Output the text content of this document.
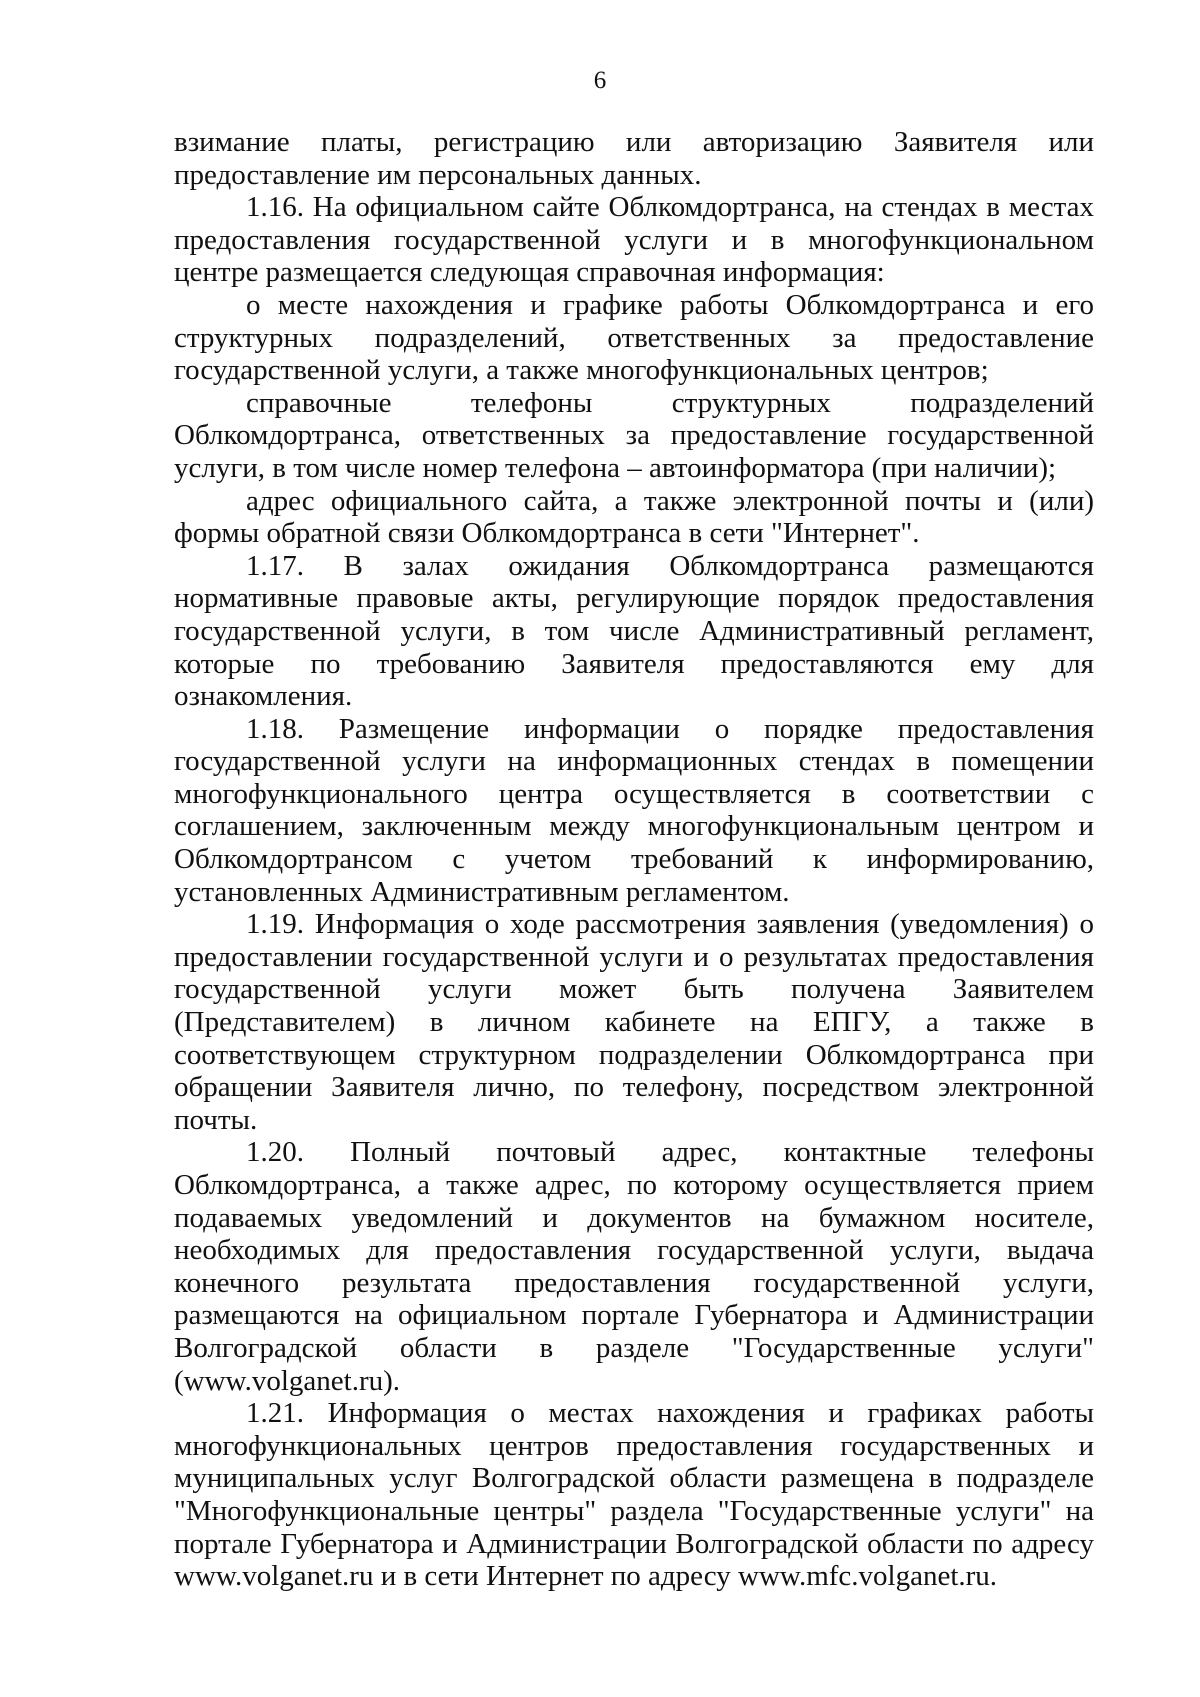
6

взимание платы, регистрацию или авторизацию Заявителя или предоставление им персональных данных.

1.16. На официальном сайте Облкомдортранса, на стендах в местах предоставления государственной услуги и в многофункциональном центре размещается следующая справочная информация:

о месте нахождения и графике работы Облкомдортранса и его структурных подразделений, ответственных за предоставление государственной услуги, а также многофункциональных центров;

справочные телефоны структурных подразделений Облкомдортранса, ответственных за предоставление государственной услуги, в том числе номер телефона – автоинформатора (при наличии);

адрес официального сайта, а также электронной почты и (или) формы обратной связи Облкомдортранса в сети "Интернет".

1.17. В залах ожидания Облкомдортранса размещаются нормативные правовые акты, регулирующие порядок предоставления государственной услуги, в том числе Административный регламент, которые по требованию Заявителя предоставляются ему для ознакомления.

1.18. Размещение информации о порядке предоставления государственной услуги на информационных стендах в помещении многофункционального центра осуществляется в соответствии с соглашением, заключенным между многофункциональным центром и Облкомдортрансом с учетом требований к информированию, установленных Административным регламентом.

1.19. Информация о ходе рассмотрения заявления (уведомления) о предоставлении государственной услуги и о результатах предоставления государственной услуги может быть получена Заявителем (Представителем) в личном кабинете на ЕПГУ, а также в соответствующем структурном подразделении Облкомдортранса при обращении Заявителя лично, по телефону, посредством электронной почты.

1.20. Полный почтовый адрес, контактные телефоны Облкомдортранса, а также адрес, по которому осуществляется прием подаваемых уведомлений и документов на бумажном носителе, необходимых для предоставления государственной услуги, выдача конечного результата предоставления государственной услуги, размещаются на официальном портале Губернатора и Администрации Волгоградской области в разделе "Государственные услуги" (www.volganet.ru).

1.21. Информация о местах нахождения и графиках работы многофункциональных центров предоставления государственных и муниципальных услуг Волгоградской области размещена в подразделе "Многофункциональные центры" раздела "Государственные услуги" на портале Губернатора и Администрации Волгоградской области по адресу www.volganet.ru и в сети Интернет по адресу www.mfc.volganet.ru.
